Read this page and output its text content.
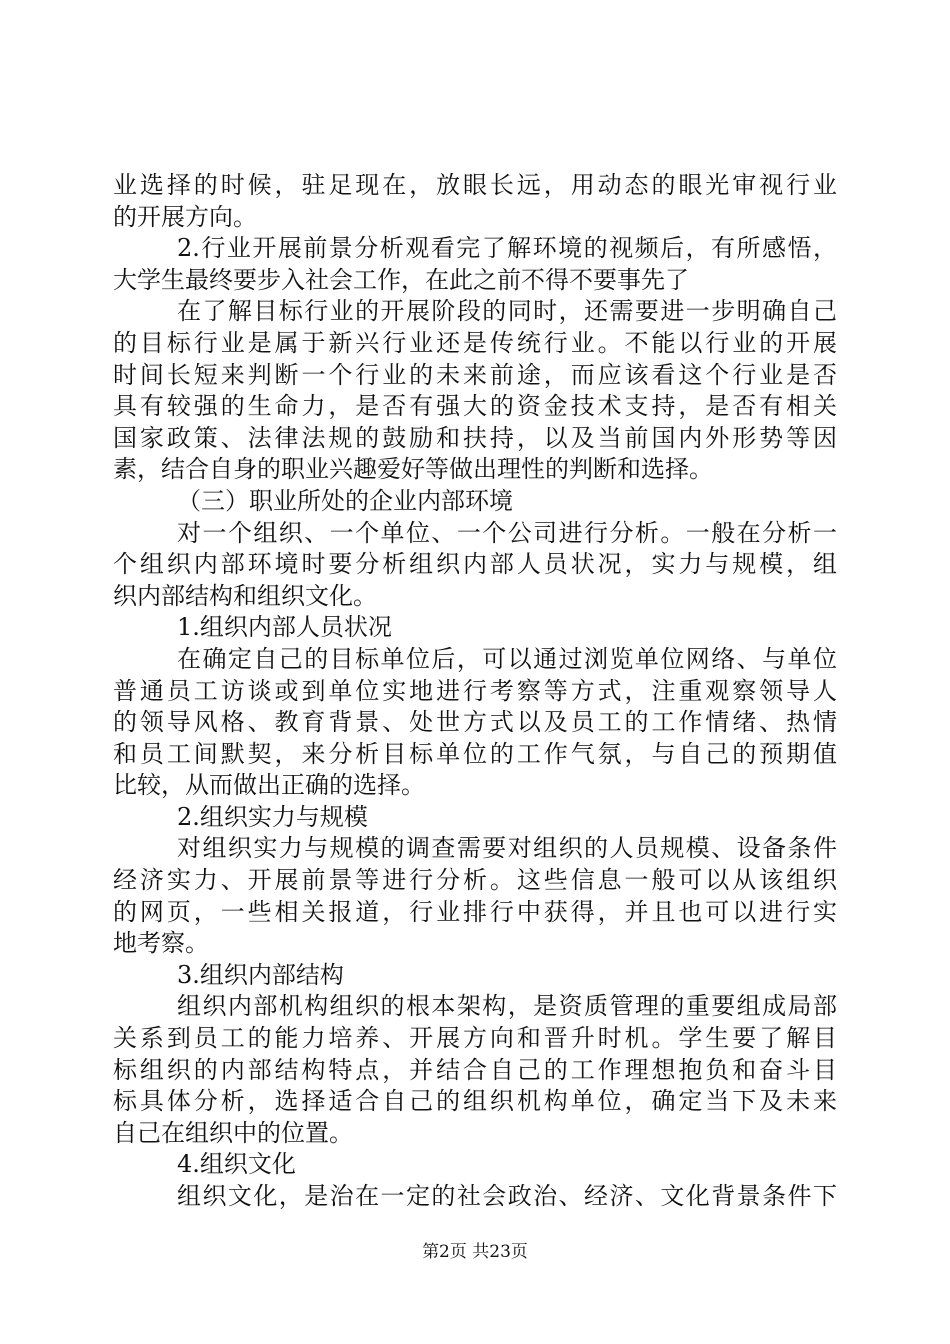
业选择的时候，驻足现在，放眼长远，用动态的眼光审视行业
的开展方向。
2.行业开展前景分析观看完了解环境的视频后，有所感悟，
大学生最终要步入社会工作，在此之前不得不要事先了
在了解目标行业的开展阶段的同时，还需要进一步明确自己
的目标行业是属于新兴行业还是传统行业。不能以行业的开展
时间长短来判断一个行业的未来前途，而应该看这个行业是否
具有较强的生命力，是否有强大的资金技术支持，是否有相关
国家政策、法律法规的鼓励和扶持，以及当前国内外形势等因
素，结合自身的职业兴趣爱好等做出理性的判断和选择。
（三）职业所处的企业内部环境
对一个组织、一个单位、一个公司进行分析。一般在分析一
个组织内部环境时要分析组织内部人员状况，实力与规模，组
织内部结构和组织文化。
1.组织内部人员状况
在确定自己的目标单位后，可以通过浏览单位网络、与单位
普通员工访谈或到单位实地进行考察等方式，注重观察领导人
的领导风格、教育背景、处世方式以及员工的工作情绪、热情
和员工间默契，来分析目标单位的工作气氛，与自己的预期值
比较，从而做出正确的选择。
2.组织实力与规模
对组织实力与规模的调查需要对组织的人员规模、设备条件
经济实力、开展前景等进行分析。这些信息一般可以从该组织
的网页，一些相关报道，行业排行中获得，并且也可以进行实
地考察。
3.组织内部结构
组织内部机构组织的根本架构，是资质管理的重要组成局部
关系到员工的能力培养、开展方向和晋升时机。学生要了解目
标组织的内部结构特点，并结合自己的工作理想抱负和奋斗目
标具体分析，选择适合自己的组织机构单位，确定当下及未来
自己在组织中的位置。
4.组织文化
组织文化，是治在一定的社会政治、经济、文化背景条件下
第2页 共23页
